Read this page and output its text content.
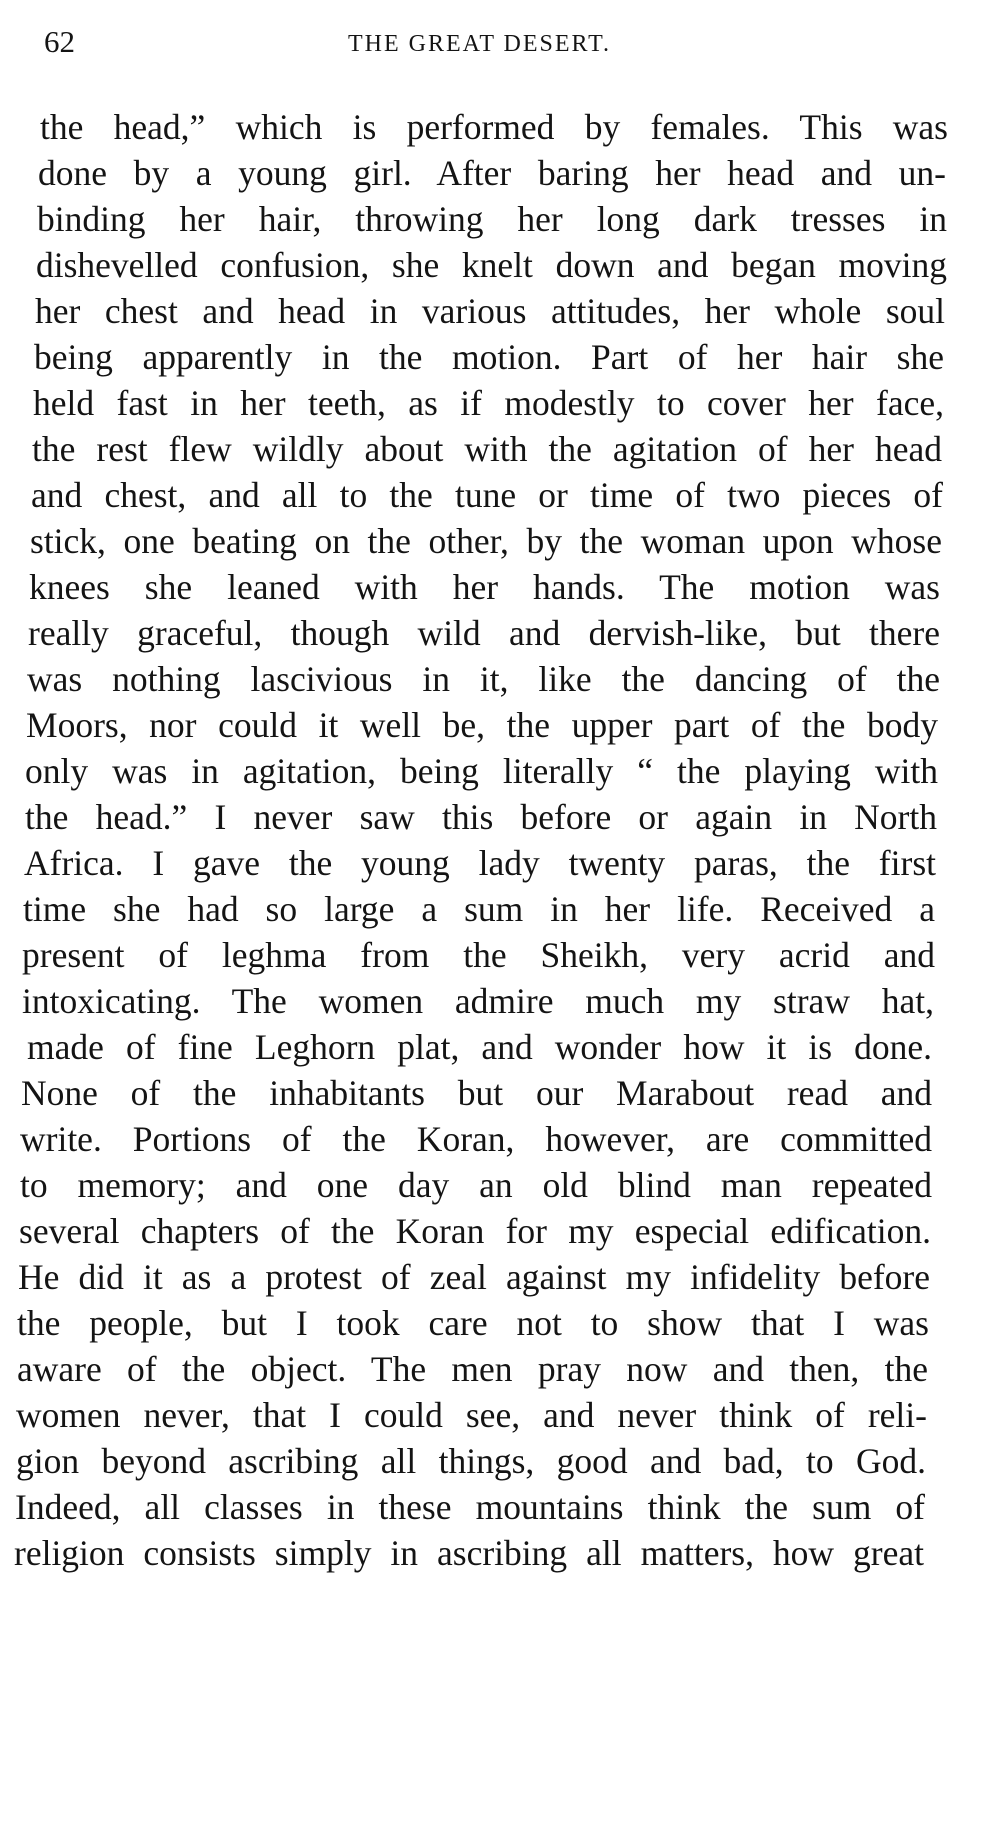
62	THE GREAT DESERT.
the head,” which is performed by females. This was
done by a young girl. After baring her head and un-
binding her hair, throwing her long dark tresses in
dishevelled confusion, she knelt down and began moving
her chest and head in various attitudes, her whole soul
being apparently in the motion. Part of her hair she
held fast in her teeth, as if modestly to cover her face,
the rest flew wildly about with the agitation of her head
and chest, and all to the tune or time of two pieces of
stick, one beating on the other, by the woman upon whose
knees she leaned with her hands. The motion was
really graceful, though wild and dervish-like, but there
was nothing lascivious in it, like the dancing of the
Moors, nor could it well be, the upper part of the body
only was in agitation, being literally “ the playing with
the head.” I never saw this before or again in North
Africa. I gave the young lady twenty paras, the first
time she had so large a sum in her life. Received a
present of leghma from the Sheikh, very acrid and
intoxicating. The women admire much my straw hat,
made of fine Leghorn plat, and wonder how it is done.
None of the inhabitants but our Marabout read and
write. Portions of the Koran, however, are committed
to memory; and one day an old blind man repeated
several chapters of the Koran for my especial edification.
He did it as a protest of zeal against my infidelity before
the people, but I took care not to show that I was
aware of the object. The men pray now and then, the
women never, that I could see, and never think of reli-
gion beyond ascribing all things, good and bad, to God.
Indeed, all classes in these mountains think the sum of
religion consists simply in ascribing all matters, how great
